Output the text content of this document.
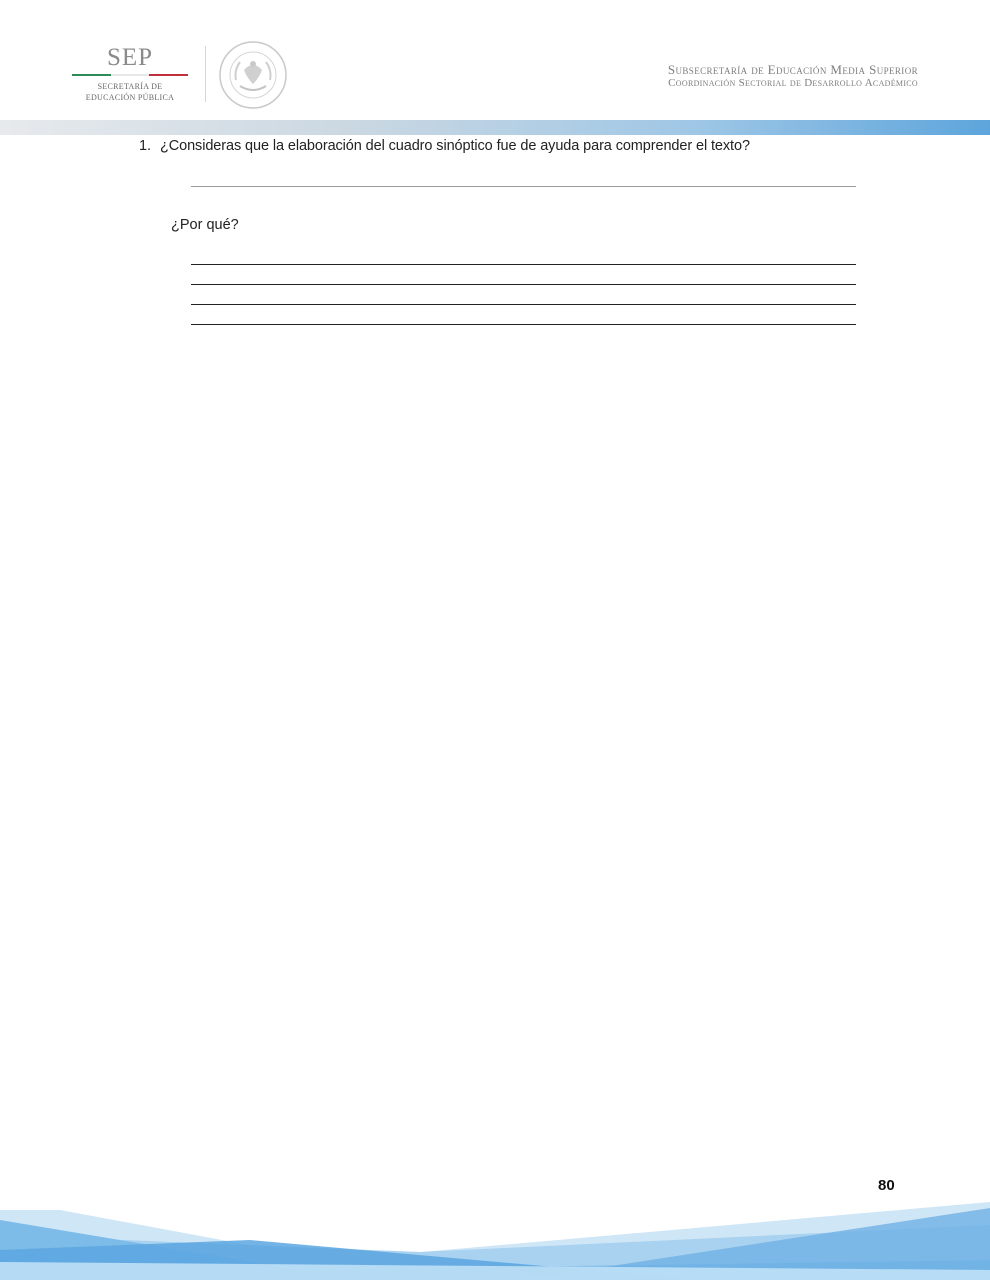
SEP
SECRETARÍA DE
EDUCACIÓN PÚBLICA
Subsecretaría de Educación Media Superior
Coordinación Sectorial de Desarrollo Académico
1. ¿Consideras que la elaboración del cuadro sinóptico fue de ayuda para comprender el texto?
¿Por qué?
80
